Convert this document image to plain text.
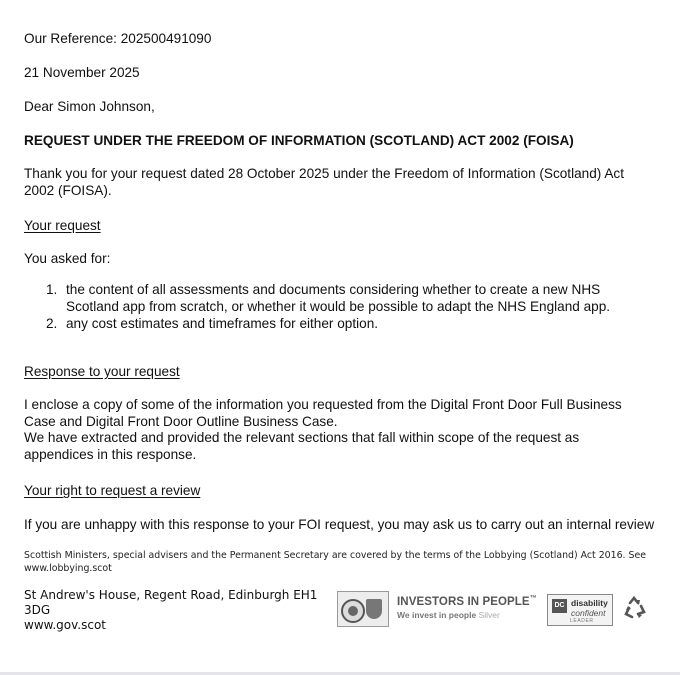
Our Reference: 202500491090
21 November 2025
Dear Simon Johnson,
REQUEST UNDER THE FREEDOM OF INFORMATION (SCOTLAND) ACT 2002 (FOISA)
Thank you for your request dated 28 October 2025 under the Freedom of Information (Scotland) Act
2002 (FOISA).
Your request
You asked for:
1. the content of all assessments and documents considering whether to create a new NHS
Scotland app from scratch, or whether it would be possible to adapt the NHS England app.
2. any cost estimates and timeframes for either option.
Response to your request
I enclose a copy of some of the information you requested from the Digital Front Door Full Business
Case and Digital Front Door Outline Business Case.
We have extracted and provided the relevant sections that fall within scope of the request as
appendices in this response.
Your right to request a review
If you are unhappy with this response to your FOI request, you may ask us to carry out an internal review
Scottish Ministers, special advisers and the Permanent Secretary are covered by the terms of the Lobbying (Scotland) Act 2016. See
www.lobbying.scot
St Andrew's House, Regent Road, Edinburgh EH1
3DG
www.gov.scot
INVESTORS IN PEOPLE™
We invest in people Silver
DC disability
confident
LEADER
